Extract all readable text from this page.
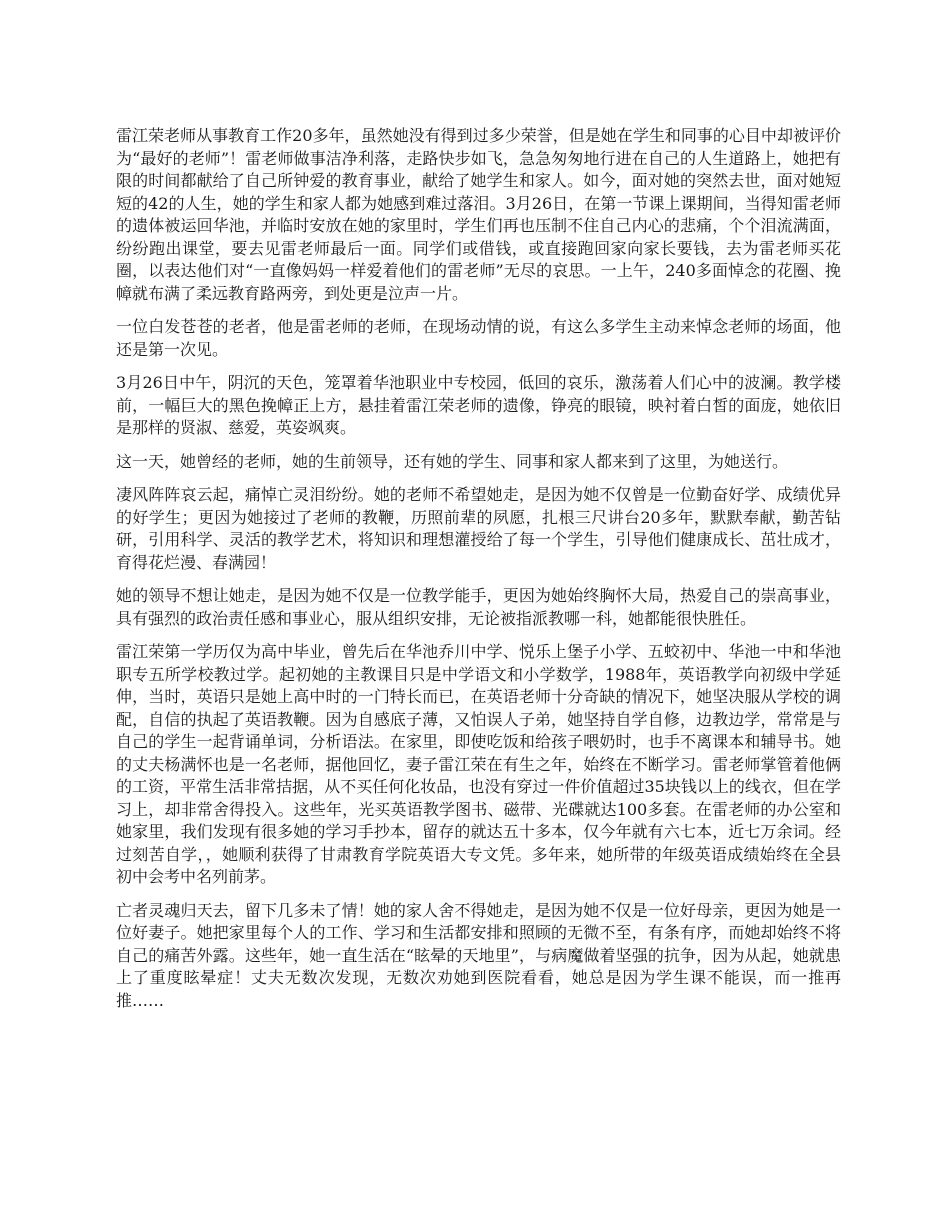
雷江荣老师从事教育工作20多年，虽然她没有得到过多少荣誉，但是她在学生和同事的心目中却被评价为“最好的老师”！雷老师做事洁净利落，走路快步如飞，急急匆匆地行进在自己的人生道路上，她把有限的时间都献给了自己所钟爱的教育事业，献给了她学生和家人。如今，面对她的突然去世，面对她短短的42的人生，她的学生和家人都为她感到难过落泪。3月26日，在第一节课上课期间，当得知雷老师的遗体被运回华池，并临时安放在她的家里时，学生们再也压制不住自己内心的悲痛，个个泪流满面，纷纷跑出课堂，要去见雷老师最后一面。同学们或借钱，或直接跑回家向家长要钱，去为雷老师买花圈，以表达他们对“一直像妈妈一样爱着他们的雷老师”无尽的哀思。一上午，240多面悼念的花圈、挽幛就布满了柔远教育路两旁，到处更是泣声一片。

一位白发苍苍的老者，他是雷老师的老师，在现场动情的说，有这么多学生主动来悼念老师的场面，他还是第一次见。

3月26日中午，阴沉的天色，笼罩着华池职业中专校园，低回的哀乐，激荡着人们心中的波澜。教学楼前，一幅巨大的黑色挽幛正上方，悬挂着雷江荣老师的遗像，铮亮的眼镜，映衬着白皙的面庞，她依旧是那样的贤淑、慈爱，英姿飒爽。

这一天，她曾经的老师，她的生前领导，还有她的学生、同事和家人都来到了这里，为她送行。

凄风阵阵哀云起，痛悼亡灵泪纷纷。她的老师不希望她走，是因为她不仅曾是一位勤奋好学、成绩优异的好学生；更因为她接过了老师的教鞭，历照前辈的夙愿，扎根三尺讲台20多年，默默奉献，勤苦钻研，引用科学、灵活的教学艺术，将知识和理想灌授给了每一个学生，引导他们健康成长、茁壮成才，育得花烂漫、春满园！

她的领导不想让她走，是因为她不仅是一位教学能手，更因为她始终胸怀大局，热爱自己的崇高事业，具有强烈的政治责任感和事业心，服从组织安排，无论被指派教哪一科，她都能很快胜任。

雷江荣第一学历仅为高中毕业，曾先后在华池乔川中学、悦乐上堡子小学、五蛟初中、华池一中和华池职专五所学校教过学。起初她的主教课目只是中学语文和小学数学，1988年，英语教学向初级中学延伸，当时，英语只是她上高中时的一门特长而已，在英语老师十分奇缺的情况下，她坚决服从学校的调配，自信的执起了英语教鞭。因为自感底子薄，又怕误人子弟，她坚持自学自修，边教边学，常常是与自己的学生一起背诵单词，分析语法。在家里，即使吃饭和给孩子喂奶时，也手不离课本和辅导书。她的丈夫杨满怀也是一名老师，据他回忆，妻子雷江荣在有生之年，始终在不断学习。雷老师掌管着他俩的工资，平常生活非常拮据，从不买任何化妆品，也没有穿过一件价值超过35块钱以上的线衣，但在学习上，却非常舍得投入。这些年，光买英语教学图书、磁带、光碟就达100多套。在雷老师的办公室和她家里，我们发现有很多她的学习手抄本，留存的就达五十多本，仅今年就有六七本，近七万余词。经过刻苦自学，，她顺利获得了甘肃教育学院英语大专文凭。多年来，她所带的年级英语成绩始终在全县初中会考中名列前茅。

亡者灵魂归天去，留下几多未了情！她的家人舍不得她走，是因为她不仅是一位好母亲，更因为她是一位好妻子。她把家里每个人的工作、学习和生活都安排和照顾的无微不至，有条有序，而她却始终不将自己的痛苦外露。这些年，她一直生活在“眩晕的天地里”，与病魔做着坚强的抗争，因为从起，她就患上了重度眩晕症！丈夫无数次发现，无数次劝她到医院看看，她总是因为学生课不能误，而一推再推……
